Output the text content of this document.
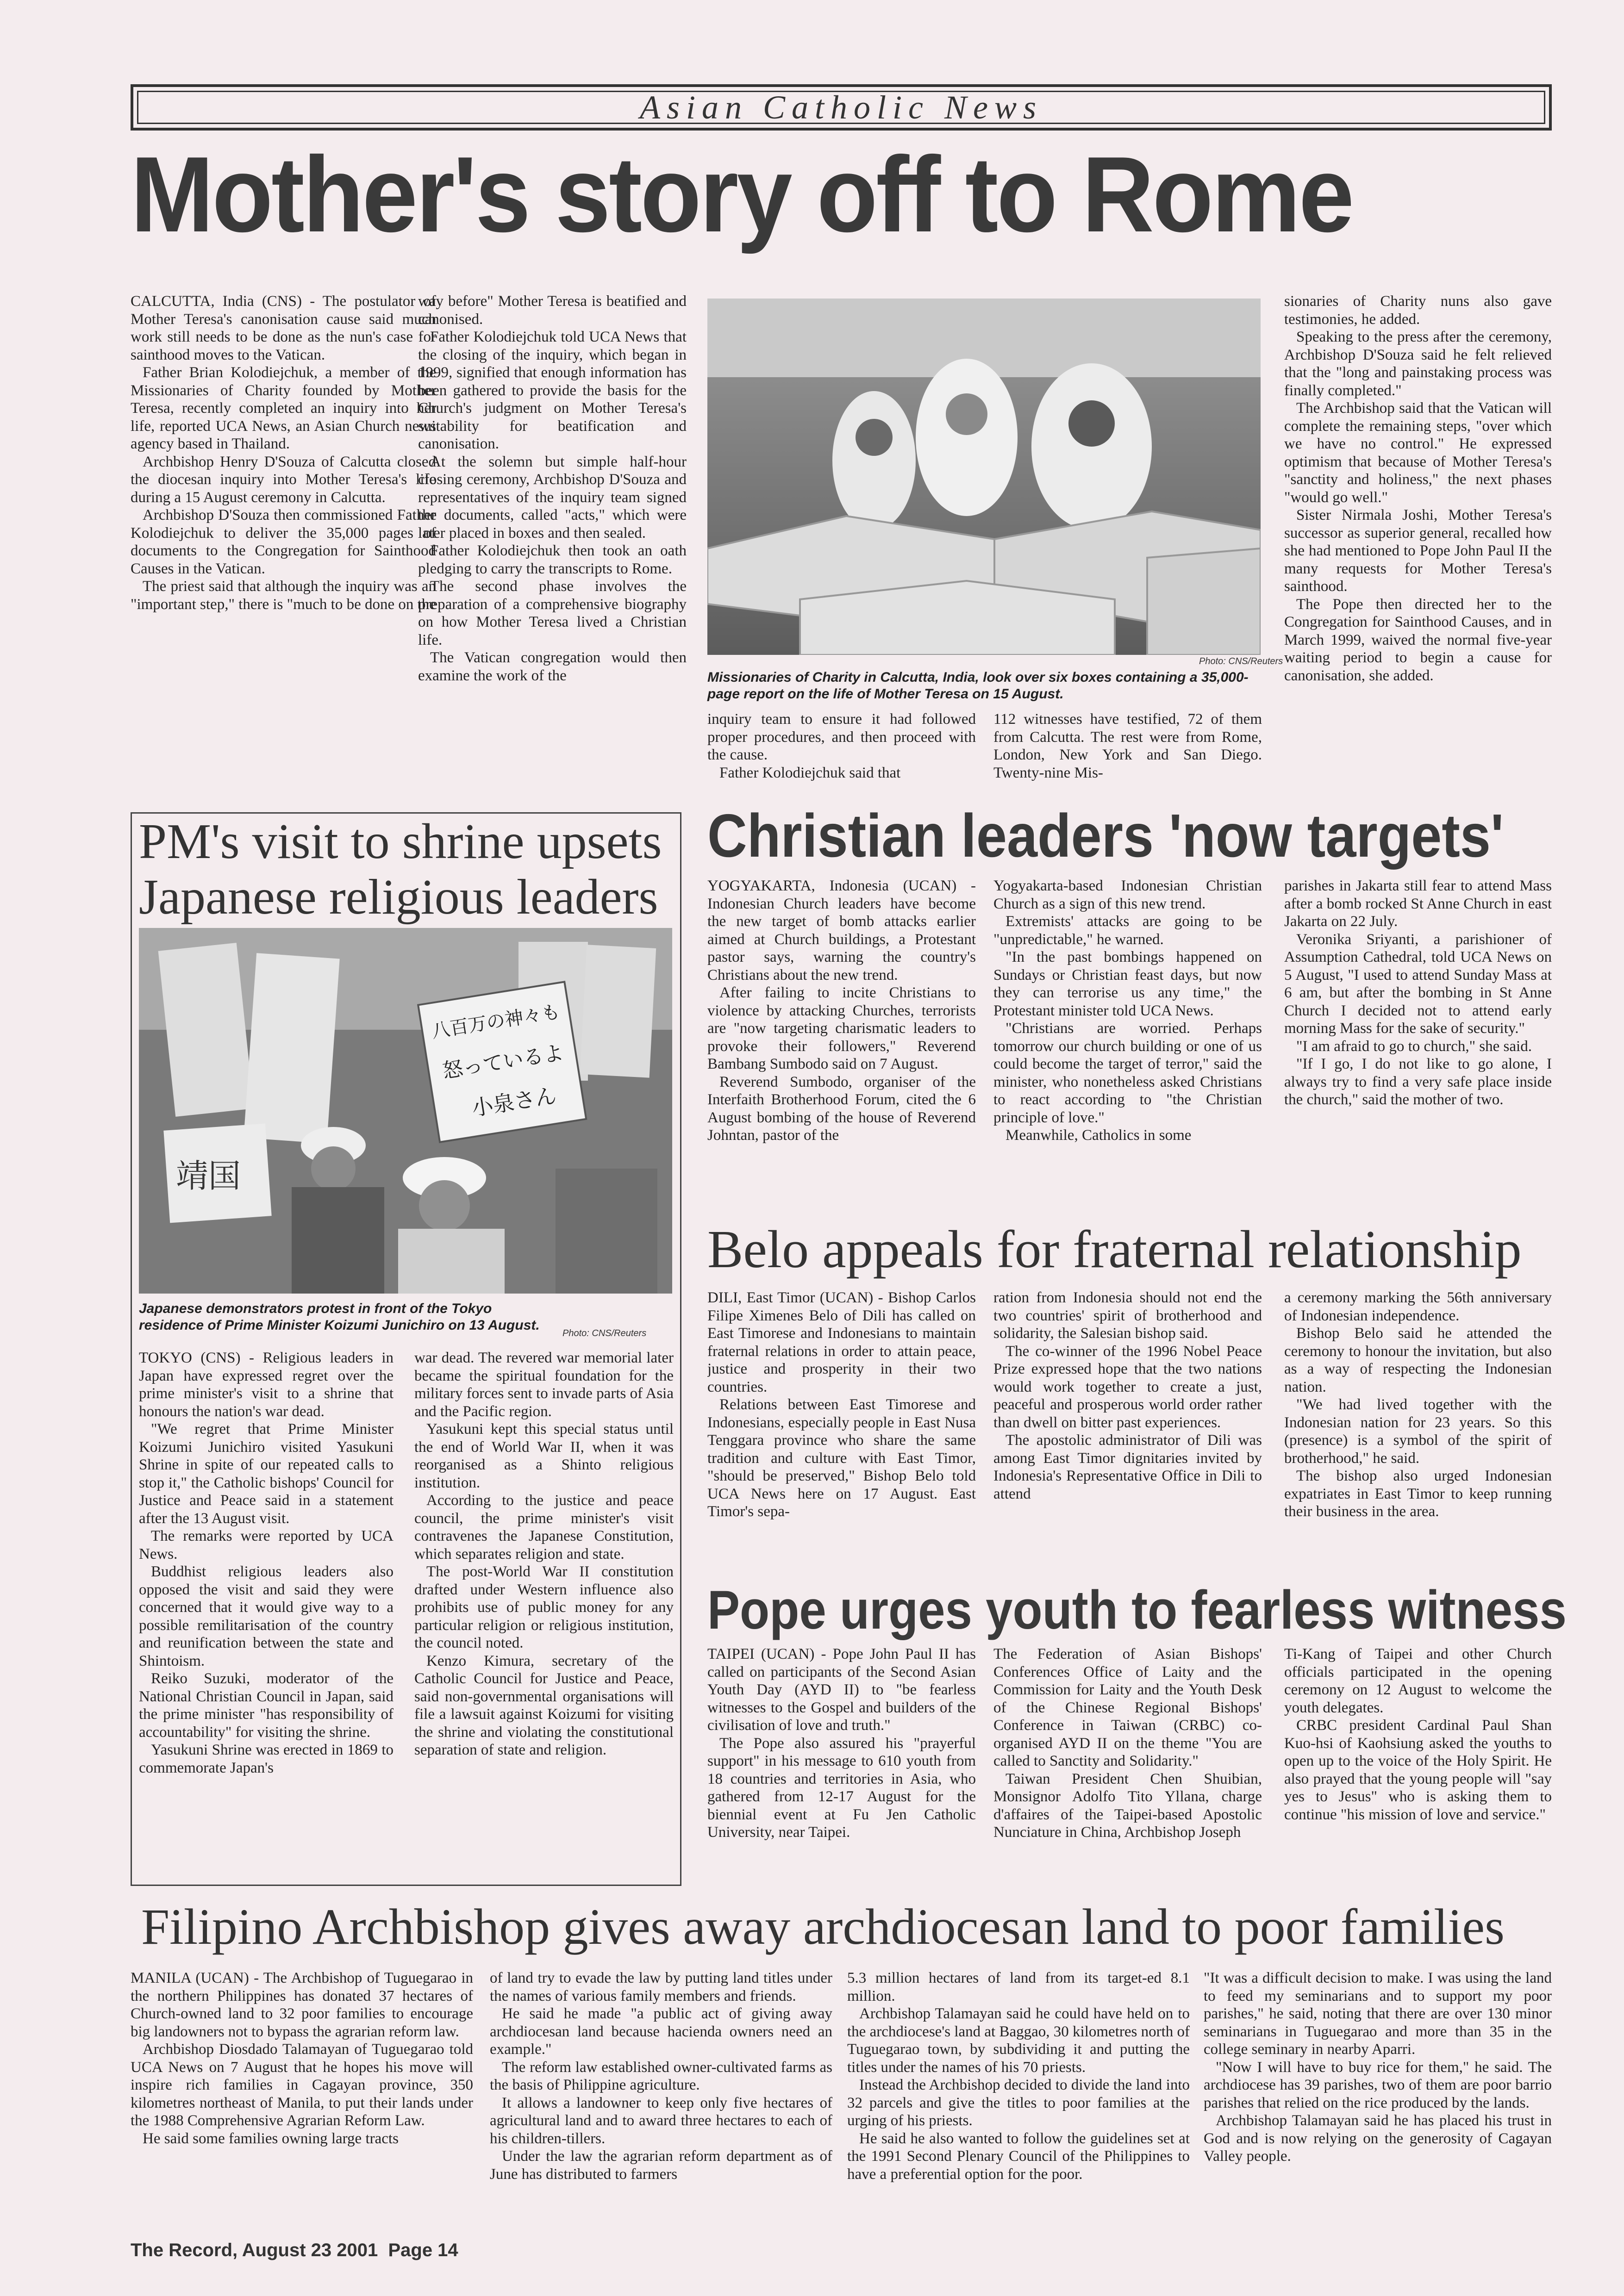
Asian Catholic News
Mother's story off to Rome

CALCUTTA, India (CNS) - The postulator of Mother Teresa's canonisation cause said much work still needs to be done as the nun's case for sainthood moves to the Vatican.

Father Brian Kolodiejchuk, a member of the Missionaries of Charity founded by Mother Teresa, recently completed an inquiry into her life, reported UCA News, an Asian Church news agency based in Thailand.

Archbishop Henry D'Souza of Calcutta closed the diocesan inquiry into Mother Teresa's life during a 15 August ceremony in Calcutta.

Archbishop D'Souza then commissioned Father Kolodiejchuk to deliver the 35,000 pages of documents to the Congregation for Sainthood Causes in the Vatican.

The priest said that although the inquiry was an "important step," there is "much to be done on the

way before" Mother Teresa is beatified and canonised.

Father Kolodiejchuk told UCA News that the closing of the inquiry, which began in 1999, signified that enough information has been gathered to provide the basis for the Church's judgment on Mother Teresa's suitability for beatification and canonisation.

At the solemn but simple half-hour closing ceremony, Archbishop D'Souza and representatives of the inquiry team signed the documents, called "acts," which were later placed in boxes and then sealed.

Father Kolodiejchuk then took an oath pledging to carry the transcripts to Rome.

The second phase involves the preparation of a comprehensive biography on how Mother Teresa lived a Christian life.

The Vatican congregation would then examine the work of the

Photo: CNS/Reuters
Missionaries of Charity in Calcutta, India, look over six boxes containing a 35,000-page report on the life of Mother Teresa on 15 August.

inquiry team to ensure it had followed proper procedures, and then proceed with the cause.

Father Kolodiejchuk said that

112 witnesses have testified, 72 of them from Calcutta. The rest were from Rome, London, New York and San Diego. Twenty-nine Mis-

sionaries of Charity nuns also gave testimonies, he added.

Speaking to the press after the ceremony, Archbishop D'Souza said he felt relieved that the "long and painstaking process was finally completed."

The Archbishop said that the Vatican will complete the remaining steps, "over which we have no control." He expressed optimism that because of Mother Teresa's "sanctity and holiness," the next phases "would go well."

Sister Nirmala Joshi, Mother Teresa's successor as superior general, recalled how she had mentioned to Pope John Paul II the many requests for Mother Teresa's sainthood.

The Pope then directed her to the Congregation for Sainthood Causes, and in March 1999, waived the normal five-year waiting period to begin a cause for canonisation, she added.

PM's visit to shrine upsets
Japanese religious leaders
八百万の神々も
怒っているよ
小泉さん
靖国
Japanese demonstrators protest in front of the Tokyo residence of Prime Minister Koizumi Junichiro on 13 August.
Photo: CNS/Reuters

TOKYO (CNS) - Religious leaders in Japan have expressed regret over the prime minister's visit to a shrine that honours the nation's war dead.

"We regret that Prime Minister Koizumi Junichiro visited Yasukuni Shrine in spite of our repeated calls to stop it," the Catholic bishops' Council for Justice and Peace said in a statement after the 13 August visit.

The remarks were reported by UCA News.

Buddhist religious leaders also opposed the visit and said they were concerned that it would give way to a possible remilitarisation of the country and reunification between the state and Shintoism.

Reiko Suzuki, moderator of the National Christian Council in Japan, said the prime minister "has responsibility of accountability" for visiting the shrine.

Yasukuni Shrine was erected in 1869 to commemorate Japan's

war dead. The revered war memorial later became the spiritual foundation for the military forces sent to invade parts of Asia and the Pacific region.

Yasukuni kept this special status until the end of World War II, when it was reorganised as a Shinto religious institution.

According to the justice and peace council, the prime minister's visit contravenes the Japanese Constitution, which separates religion and state.

The post-World War II constitution drafted under Western influence also prohibits use of public money for any particular religion or religious institution, the council noted.

Kenzo Kimura, secretary of the Catholic Council for Justice and Peace, said non-governmental organisations will file a lawsuit against Koizumi for visiting the shrine and violating the constitutional separation of state and religion.

Christian leaders 'now targets'

YOGYAKARTA, Indonesia (UCAN) - Indonesian Church leaders have become the new target of bomb attacks earlier aimed at Church buildings, a Protestant pastor says, warning the country's Christians about the new trend.

After failing to incite Christians to violence by attacking Churches, terrorists are "now targeting charismatic leaders to provoke their followers," Reverend Bambang Sumbodo said on 7 August.

Reverend Sumbodo, organiser of the Interfaith Brotherhood Forum, cited the 6 August bombing of the house of Reverend Johntan, pastor of the

Yogyakarta-based Indonesian Christian Church as a sign of this new trend.

Extremists' attacks are going to be "unpredictable," he warned.

"In the past bombings happened on Sundays or Christian feast days, but now they can terrorise us any time," the Protestant minister told UCA News.

"Christians are worried. Perhaps tomorrow our church building or one of us could become the target of terror," said the minister, who nonetheless asked Christians to react according to "the Christian principle of love."

Meanwhile, Catholics in some

parishes in Jakarta still fear to attend Mass after a bomb rocked St Anne Church in east Jakarta on 22 July.

Veronika Sriyanti, a parishioner of Assumption Cathedral, told UCA News on 5 August, "I used to attend Sunday Mass at 6 am, but after the bombing in St Anne Church I decided not to attend early morning Mass for the sake of security."

"I am afraid to go to church," she said.

"If I go, I do not like to go alone, I always try to find a very safe place inside the church," said the mother of two.

Belo appeals for fraternal relationship

DILI, East Timor (UCAN) - Bishop Carlos Filipe Ximenes Belo of Dili has called on East Timorese and Indonesians to maintain fraternal relations in order to attain peace, justice and prosperity in their two countries.

Relations between East Timorese and Indonesians, especially people in East Nusa Tenggara province who share the same tradition and culture with East Timor, "should be preserved," Bishop Belo told UCA News here on 17 August. East Timor's sepa-

ration from Indonesia should not end the two countries' spirit of brotherhood and solidarity, the Salesian bishop said.

The co-winner of the 1996 Nobel Peace Prize expressed hope that the two nations would work together to create a just, peaceful and prosperous world order rather than dwell on bitter past experiences.

The apostolic administrator of Dili was among East Timor dignitaries invited by Indonesia's Representative Office in Dili to attend

a ceremony marking the 56th anniversary of Indonesian independence.

Bishop Belo said he attended the ceremony to honour the invitation, but also as a way of respecting the Indonesian nation.

"We had lived together with the Indonesian nation for 23 years. So this (presence) is a symbol of the spirit of brotherhood," he said.

The bishop also urged Indonesian expatriates in East Timor to keep running their business in the area.

Pope urges youth to fearless witness

TAIPEI (UCAN) - Pope John Paul II has called on participants of the Second Asian Youth Day (AYD II) to "be fearless witnesses to the Gospel and builders of the civilisation of love and truth."

The Pope also assured his "prayerful support" in his message to 610 youth from 18 countries and territories in Asia, who gathered from 12-17 August for the biennial event at Fu Jen Catholic University, near Taipei.

The Federation of Asian Bishops' Conferences Office of Laity and the Commission for Laity and the Youth Desk of the Chinese Regional Bishops' Conference in Taiwan (CRBC) co-organised AYD II on the theme "You are called to Sanctity and Solidarity."

Taiwan President Chen Shuibian, Monsignor Adolfo Tito Yllana, charge d'affaires of the Taipei-based Apostolic Nunciature in China, Archbishop Joseph

Ti-Kang of Taipei and other Church officials participated in the opening ceremony on 12 August to welcome the youth delegates.

CRBC president Cardinal Paul Shan Kuo-hsi of Kaohsiung asked the youths to open up to the voice of the Holy Spirit. He also prayed that the young people will "say yes to Jesus" who is asking them to continue "his mission of love and service."

Filipino Archbishop gives away archdiocesan land to poor families

MANILA (UCAN) - The Archbishop of Tuguegarao in the northern Philippines has donated 37 hectares of Church-owned land to 32 poor families to encourage big landowners not to bypass the agrarian reform law.

Archbishop Diosdado Talamayan of Tuguegarao told UCA News on 7 August that he hopes his move will inspire rich families in Cagayan province, 350 kilometres northeast of Manila, to put their lands under the 1988 Comprehensive Agrarian Reform Law.

He said some families owning large tracts

of land try to evade the law by putting land titles under the names of various family members and friends.

He said he made "a public act of giving away archdiocesan land because hacienda owners need an example."

The reform law established owner-cultivated farms as the basis of Philippine agriculture.

It allows a landowner to keep only five hectares of agricultural land and to award three hectares to each of his children-tillers.

Under the law the agrarian reform department as of June has distributed to farmers

5.3 million hectares of land from its target-ed 8.1 million.

Archbishop Talamayan said he could have held on to the archdiocese's land at Baggao, 30 kilometres north of Tuguegarao town, by subdividing it and putting the titles under the names of his 70 priests.

Instead the Archbishop decided to divide the land into 32 parcels and give the titles to poor families at the urging of his priests.

He said he also wanted to follow the guidelines set at the 1991 Second Plenary Council of the Philippines to have a preferential option for the poor.

"It was a difficult decision to make. I was using the land to feed my seminarians and to support my poor parishes," he said, noting that there are over 130 minor seminarians in Tuguegarao and more than 35 in the college seminary in nearby Aparri.

"Now I will have to buy rice for them," he said. The archdiocese has 39 parishes, two of them are poor barrio parishes that relied on the rice produced by the lands.

Archbishop Talamayan said he has placed his trust in God and is now relying on the generosity of Cagayan Valley people.

The Record, August 23 2001  Page 14
